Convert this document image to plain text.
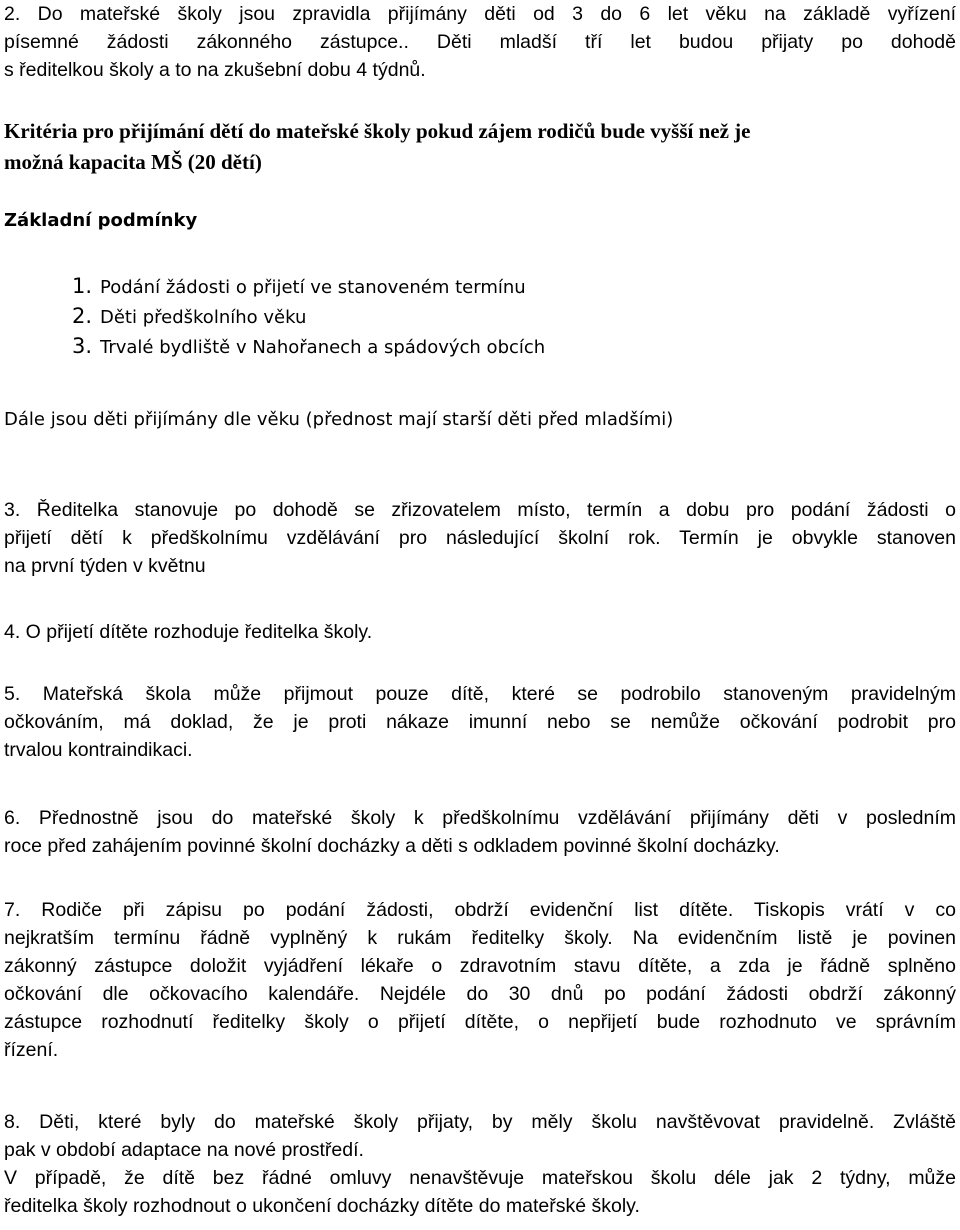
2. Do mateřské školy jsou zpravidla přijímány děti od 3 do 6 let věku na základě vyřízení

písemné žádosti zákonného zástupce.. Děti mladší tří let budou přijaty po dohodě

s ředitelkou školy a to na zkušební dobu 4 týdnů.

Kritéria pro přijímání dětí do mateřské školy pokud zájem rodičů bude vyšší než je

možná kapacita MŠ (20 dětí)

Základní podmínky

1. Podání žádosti o přijetí ve stanoveném termínu
2. Děti předškolního věku
3. Trvalé bydliště v Nahořanech a spádových obcích

Dále jsou děti přijímány dle věku (přednost mají starší děti před mladšími)

3. Ředitelka stanovuje po dohodě se zřizovatelem místo, termín a dobu pro podání žádosti o

přijetí dětí k předškolnímu vzdělávání pro následující školní rok. Termín je obvykle stanoven

na první týden v květnu

4. O přijetí dítěte rozhoduje ředitelka školy.

5. Mateřská škola může přijmout pouze dítě, které se podrobilo stanoveným pravidelným

očkováním, má doklad, že je proti nákaze imunní nebo se nemůže očkování podrobit pro

trvalou kontraindikaci.

6. Přednostně jsou do mateřské školy k předškolnímu vzdělávání přijímány děti v posledním

roce před zahájením povinné školní docházky a děti s odkladem povinné školní docházky.

7. Rodiče při zápisu po podání žádosti, obdrží evidenční list dítěte. Tiskopis vrátí v co

nejkratším termínu řádně vyplněný k rukám ředitelky školy. Na evidenčním listě je povinen

zákonný zástupce doložit vyjádření lékaře o zdravotním stavu dítěte, a zda je řádně splněno

očkování dle očkovacího kalendáře. Nejdéle do 30 dnů po podání žádosti obdrží zákonný

zástupce rozhodnutí ředitelky školy o přijetí dítěte, o nepřijetí bude rozhodnuto ve správním

řízení.

8. Děti, které byly do mateřské školy přijaty, by měly školu navštěvovat pravidelně. Zvláště

pak v období adaptace na nové prostředí.

V případě, že dítě bez řádné omluvy nenavštěvuje mateřskou školu déle jak 2 týdny, může

ředitelka školy rozhodnout o ukončení docházky dítěte do mateřské školy.
